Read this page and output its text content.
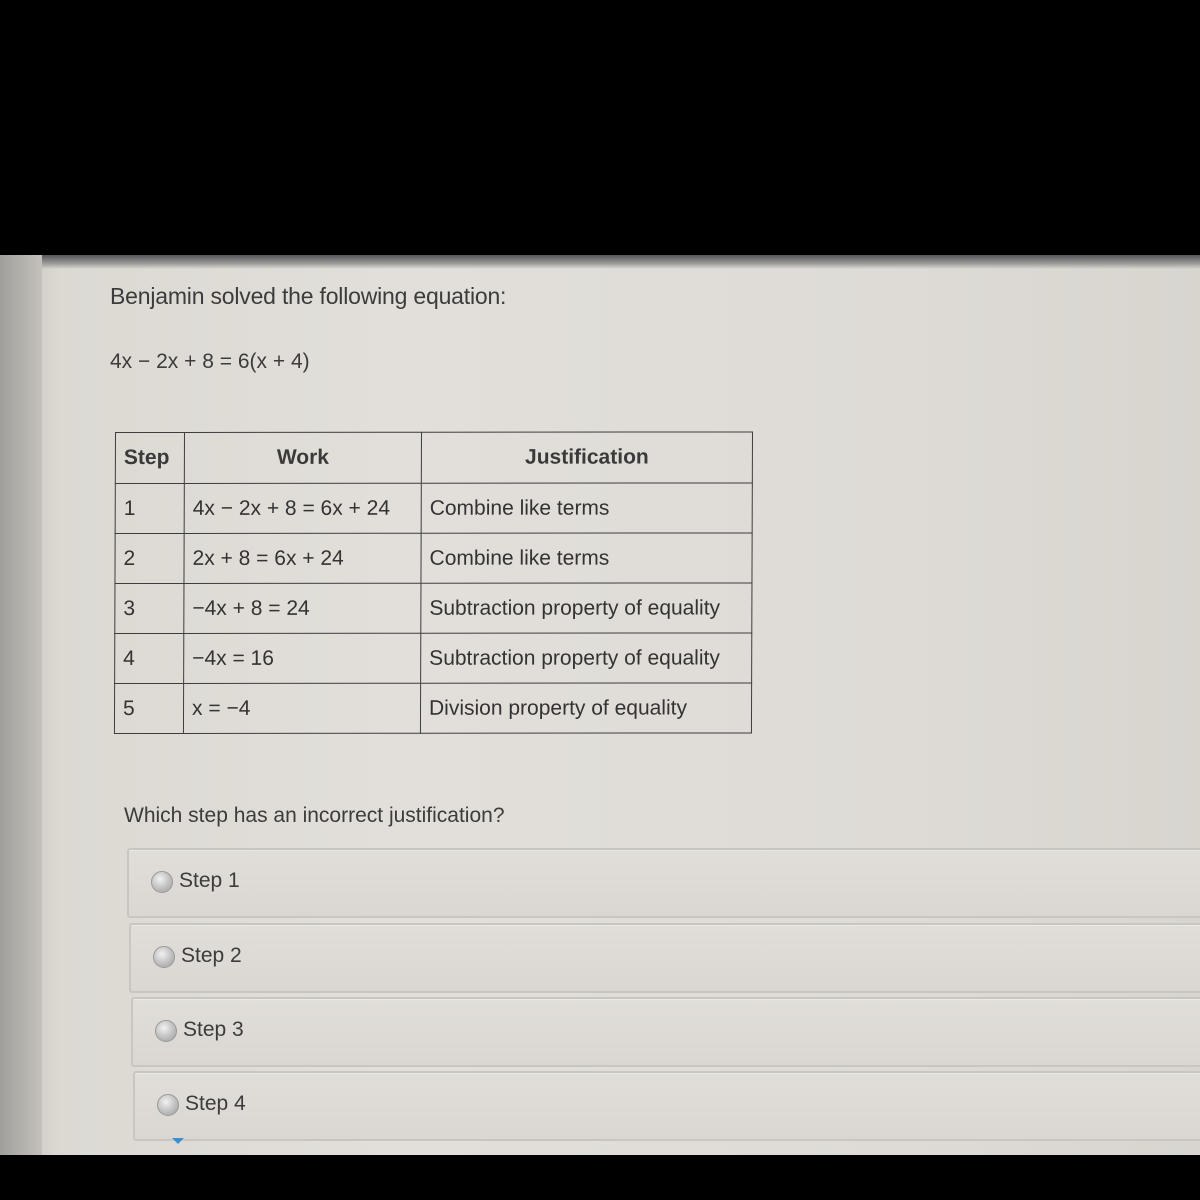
Benjamin solved the following equation:
4x − 2x + 8 = 6(x + 4)
Step	Work	Justification
1	4x − 2x + 8 = 6x + 24	Combine like terms
2	2x + 8 = 6x + 24	Combine like terms
3	−4x + 8 = 24	Subtraction property of equality
4	−4x = 16	Subtraction property of equality
5	x = −4	Division property of equality
Which step has an incorrect justification?
Step 1
Step 2
Step 3
Step 4
